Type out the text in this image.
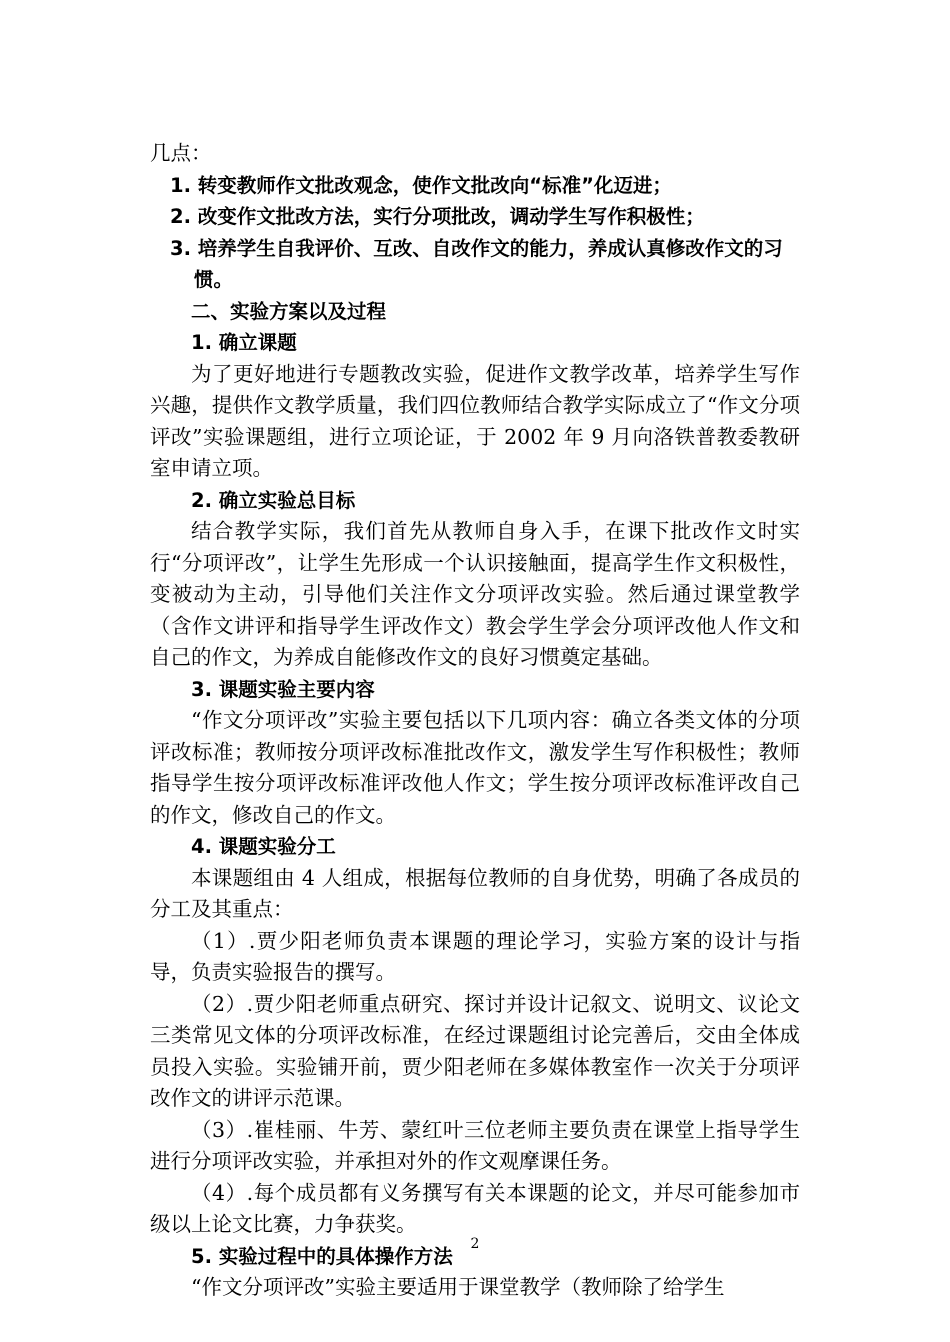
几点：
1. 转变教师作文批改观念，使作文批改向“标准”化迈进；
2. 改变作文批改方法，实行分项批改，调动学生写作积极性；
3. 培养学生自我评价、互改、自改作文的能力，养成认真修改作文的习惯。
二、实验方案以及过程
1. 确立课题
为了更好地进行专题教改实验，促进作文教学改革，培养学生写作兴趣，提供作文教学质量，我们四位教师结合教学实际成立了“作文分项评改”实验课题组，进行立项论证，于 2002 年 9 月向洛铁普教委教研室申请立项。
2. 确立实验总目标
结合教学实际，我们首先从教师自身入手，在课下批改作文时实行“分项评改”，让学生先形成一个认识接触面，提高学生作文积极性，变被动为主动，引导他们关注作文分项评改实验。然后通过课堂教学（含作文讲评和指导学生评改作文）教会学生学会分项评改他人作文和自己的作文，为养成自能修改作文的良好习惯奠定基础。
3. 课题实验主要内容
“作文分项评改”实验主要包括以下几项内容：确立各类文体的分项评改标准；教师按分项评改标准批改作文，激发学生写作积极性；教师指导学生按分项评改标准评改他人作文；学生按分项评改标准评改自己的作文，修改自己的作文。
4. 课题实验分工
本课题组由 4 人组成，根据每位教师的自身优势，明确了各成员的分工及其重点：
（1）.贾少阳老师负责本课题的理论学习，实验方案的设计与指导，负责实验报告的撰写。
（2）.贾少阳老师重点研究、探讨并设计记叙文、说明文、议论文三类常见文体的分项评改标准，在经过课题组讨论完善后，交由全体成员投入实验。实验铺开前，贾少阳老师在多媒体教室作一次关于分项评改作文的讲评示范课。
（3）.崔桂丽、牛芳、蒙红叶三位老师主要负责在课堂上指导学生进行分项评改实验，并承担对外的作文观摩课任务。
（4）.每个成员都有义务撰写有关本课题的论文，并尽可能参加市级以上论文比赛，力争获奖。
5. 实验过程中的具体操作方法
“作文分项评改”实验主要适用于课堂教学（教师除了给学生
2
